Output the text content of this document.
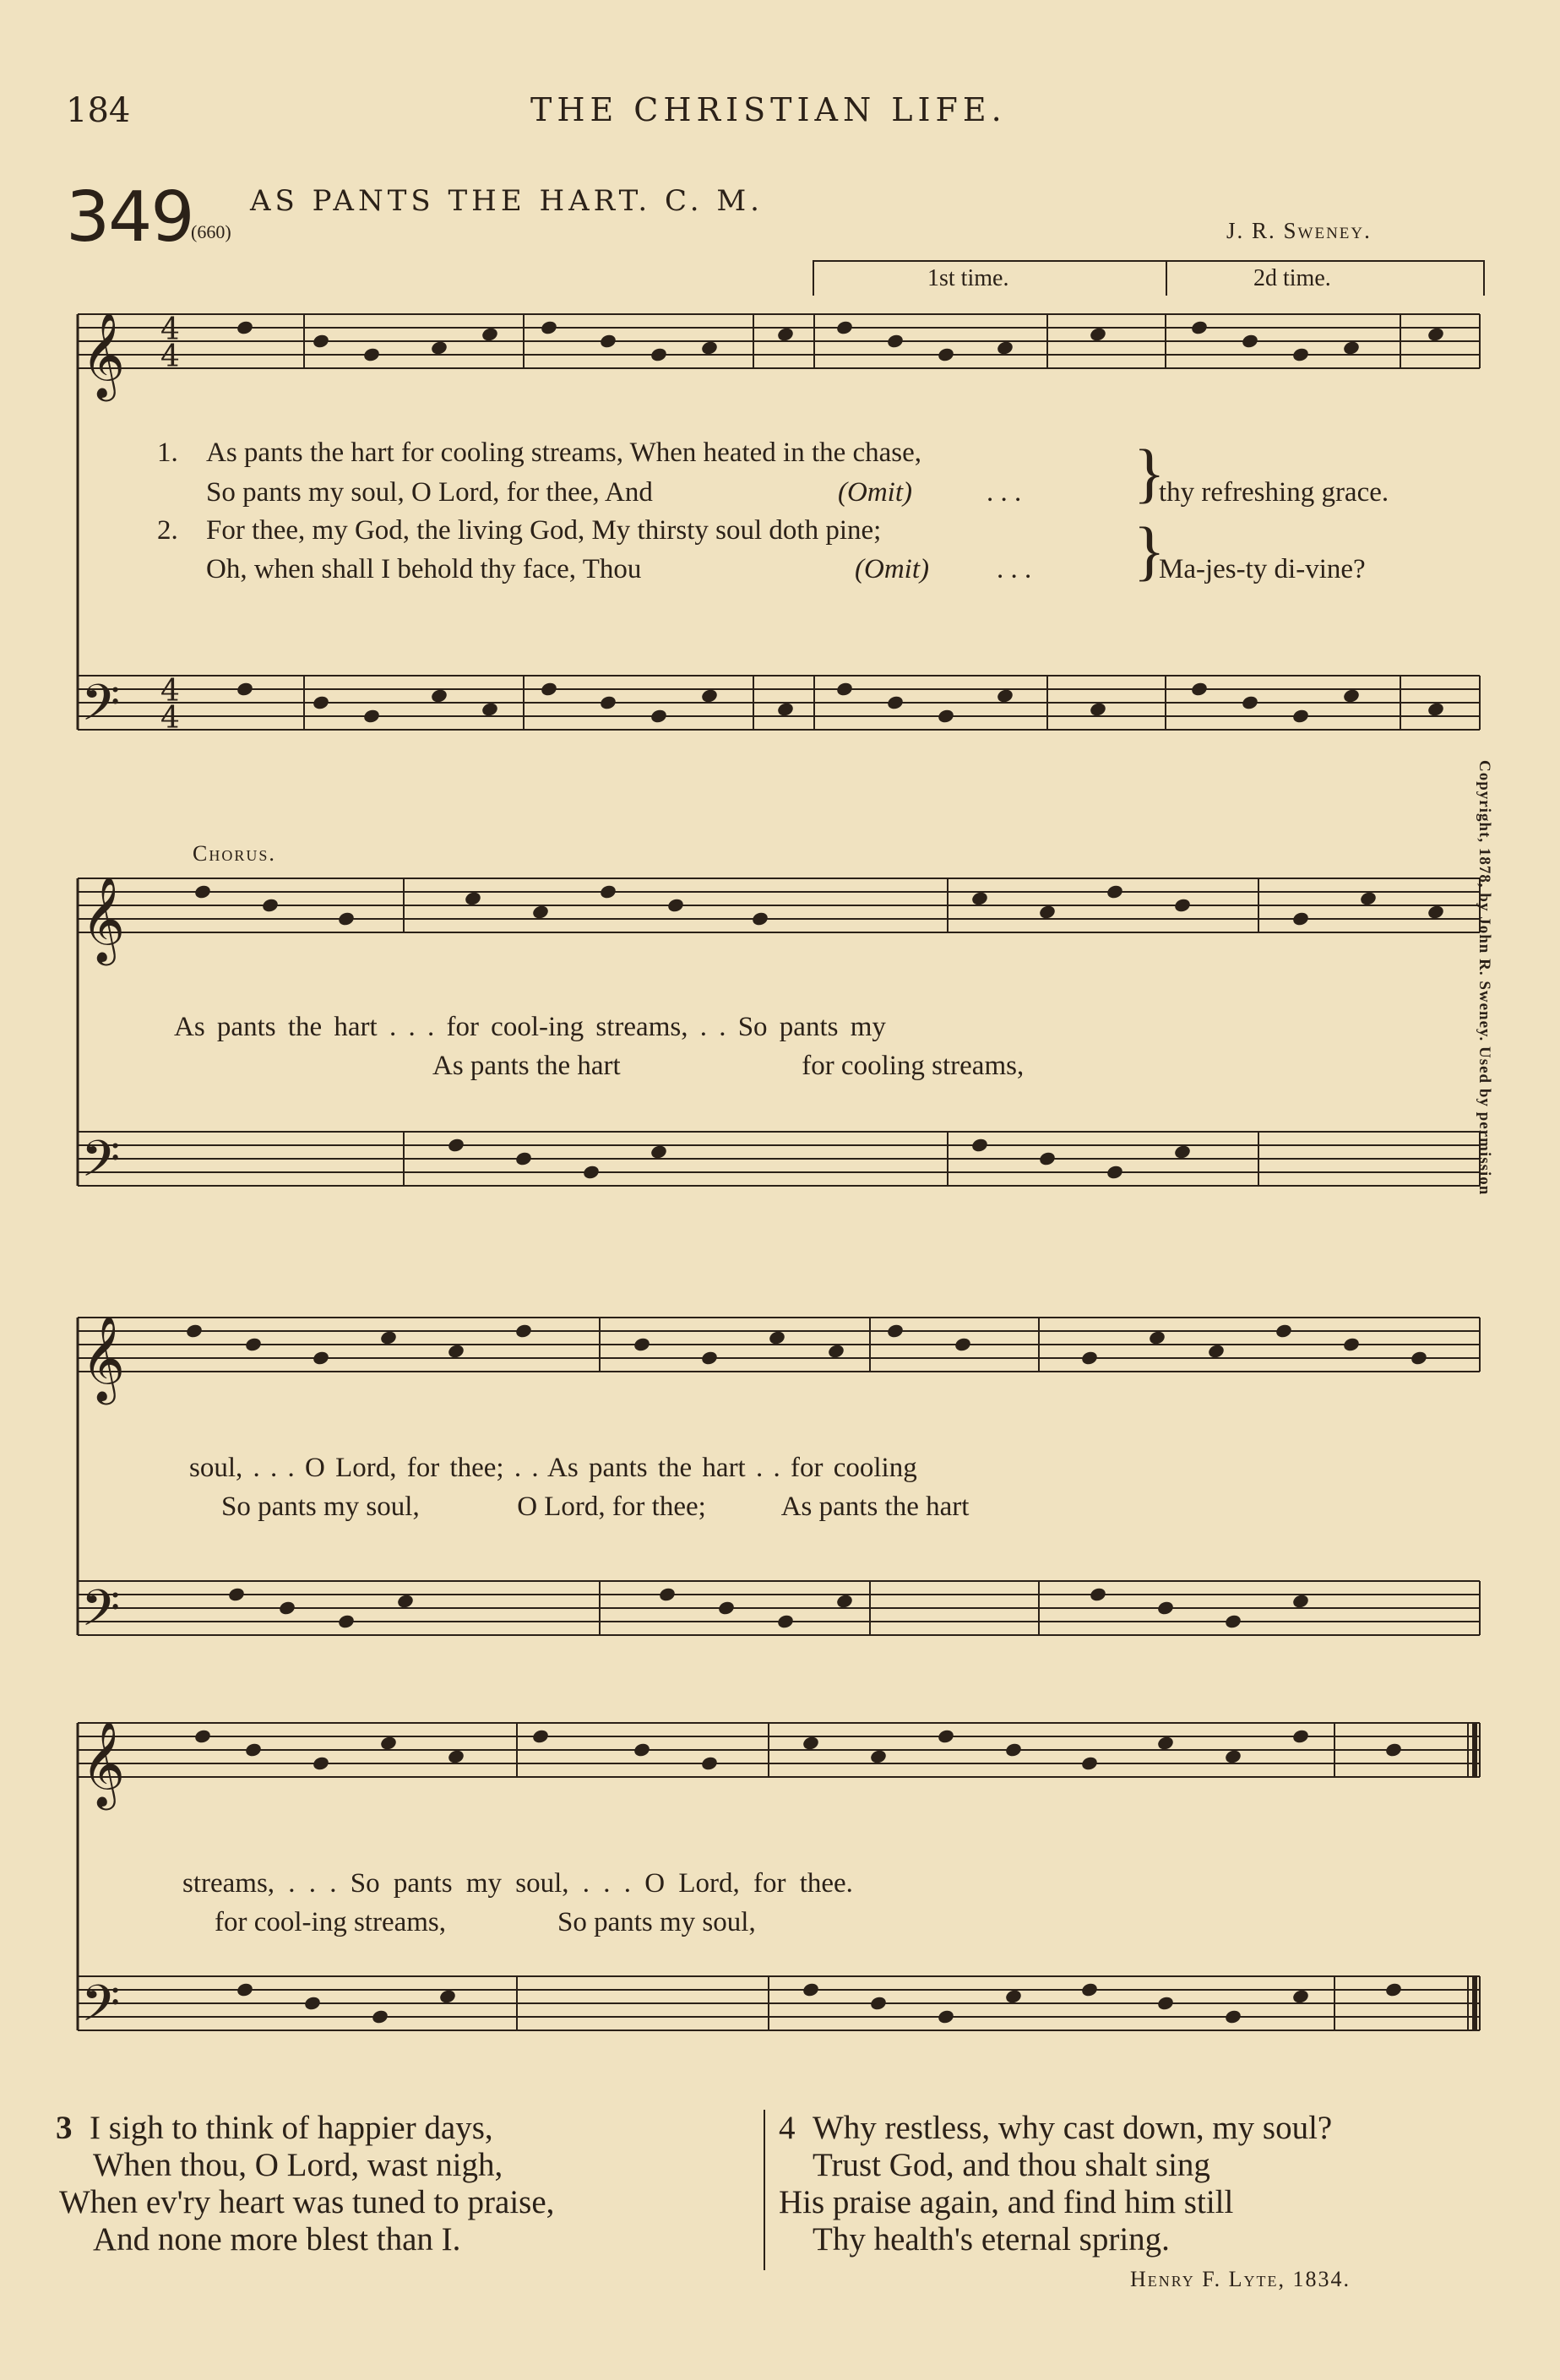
184	THE CHRISTIAN LIFE.
349
(660)
AS PANTS THE HART. C. M.
J. R. Sweney.
1st time.	2d time.
𝄞 4
4
𝄢 4
4
𝄞
𝄢
𝄞
𝄢
𝄞
𝄢
1. As pants the hart for cooling streams, When heated in the chase,
So pants my soul, O Lord, for thee, And	(Omit)	. . .	thy refreshing grace.
}
2. For thee, my God, the living God, My thirsty soul doth pine;
Oh, when shall I behold thy face, Thou	(Omit) . . .	Ma-jes-ty di-vine?
}
Chorus.
As pants the hart . . . for cool-ing streams, . . So pants my
As pants the hart                          for cooling streams,
soul, . . . O Lord, for thee; . . As pants the hart . . for cooling
So pants my soul,              O Lord, for thee;           As pants the hart
streams, . . . So pants my soul, . . . O Lord, for thee.
for cool-ing streams,                So pants my soul,
Copyright, 1878, by John R. Sweney. Used by permission
3 I sigh to think of happier days,
When thou, O Lord, wast nigh,
When ev'ry heart was tuned to praise,
And none more blest than I.
4 Why restless, why cast down, my soul?
Trust God, and thou shalt sing
His praise again, and find him still
Thy health's eternal spring.
Henry F. Lyte, 1834.
